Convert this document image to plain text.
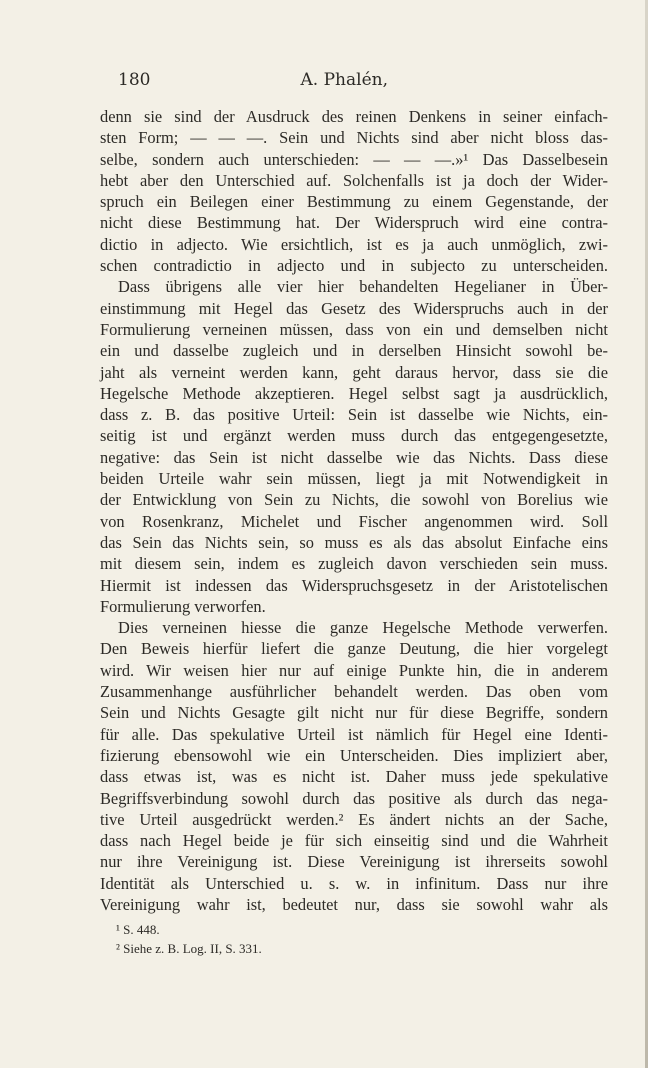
180	A. Phalén,
denn sie sind der Ausdruck des reinen Denkens in seiner einfach-
sten Form; — — —. Sein und Nichts sind aber nicht bloss das-
selbe, sondern auch unterschieden: — — —.»¹ Das Dasselbesein
hebt aber den Unterschied auf. Solchenfalls ist ja doch der Wider-
spruch ein Beilegen einer Bestimmung zu einem Gegenstande, der
nicht diese Bestimmung hat. Der Widerspruch wird eine contra-
dictio in adjecto. Wie ersichtlich, ist es ja auch unmöglich, zwi-
schen contradictio in adjecto und in subjecto zu unterscheiden.
Dass übrigens alle vier hier behandelten Hegelianer in Über-
einstimmung mit Hegel das Gesetz des Widerspruchs auch in der
Formulierung verneinen müssen, dass von ein und demselben nicht
ein und dasselbe zugleich und in derselben Hinsicht sowohl be-
jaht als verneint werden kann, geht daraus hervor, dass sie die
Hegelsche Methode akzeptieren. Hegel selbst sagt ja ausdrücklich,
dass z. B. das positive Urteil: Sein ist dasselbe wie Nichts, ein-
seitig ist und ergänzt werden muss durch das entgegengesetzte,
negative: das Sein ist nicht dasselbe wie das Nichts. Dass diese
beiden Urteile wahr sein müssen, liegt ja mit Notwendigkeit in
der Entwicklung von Sein zu Nichts, die sowohl von Borelius wie
von Rosenkranz, Michelet und Fischer angenommen wird. Soll
das Sein das Nichts sein, so muss es als das absolut Einfache eins
mit diesem sein, indem es zugleich davon verschieden sein muss.
Hiermit ist indessen das Widerspruchsgesetz in der Aristotelischen
Formulierung verworfen.
Dies verneinen hiesse die ganze Hegelsche Methode verwerfen.
Den Beweis hierfür liefert die ganze Deutung, die hier vorgelegt
wird. Wir weisen hier nur auf einige Punkte hin, die in anderem
Zusammenhange ausführlicher behandelt werden. Das oben vom
Sein und Nichts Gesagte gilt nicht nur für diese Begriffe, sondern
für alle. Das spekulative Urteil ist nämlich für Hegel eine Identi-
fizierung ebensowohl wie ein Unterscheiden. Dies impliziert aber,
dass etwas ist, was es nicht ist. Daher muss jede spekulative
Begriffsverbindung sowohl durch das positive als durch das nega-
tive Urteil ausgedrückt werden.² Es ändert nichts an der Sache,
dass nach Hegel beide je für sich einseitig sind und die Wahrheit
nur ihre Vereinigung ist. Diese Vereinigung ist ihrerseits sowohl
Identität als Unterschied u. s. w. in infinitum. Dass nur ihre
Vereinigung wahr ist, bedeutet nur, dass sie sowohl wahr als
¹ S. 448.
² Siehe z. B. Log. II, S. 331.
